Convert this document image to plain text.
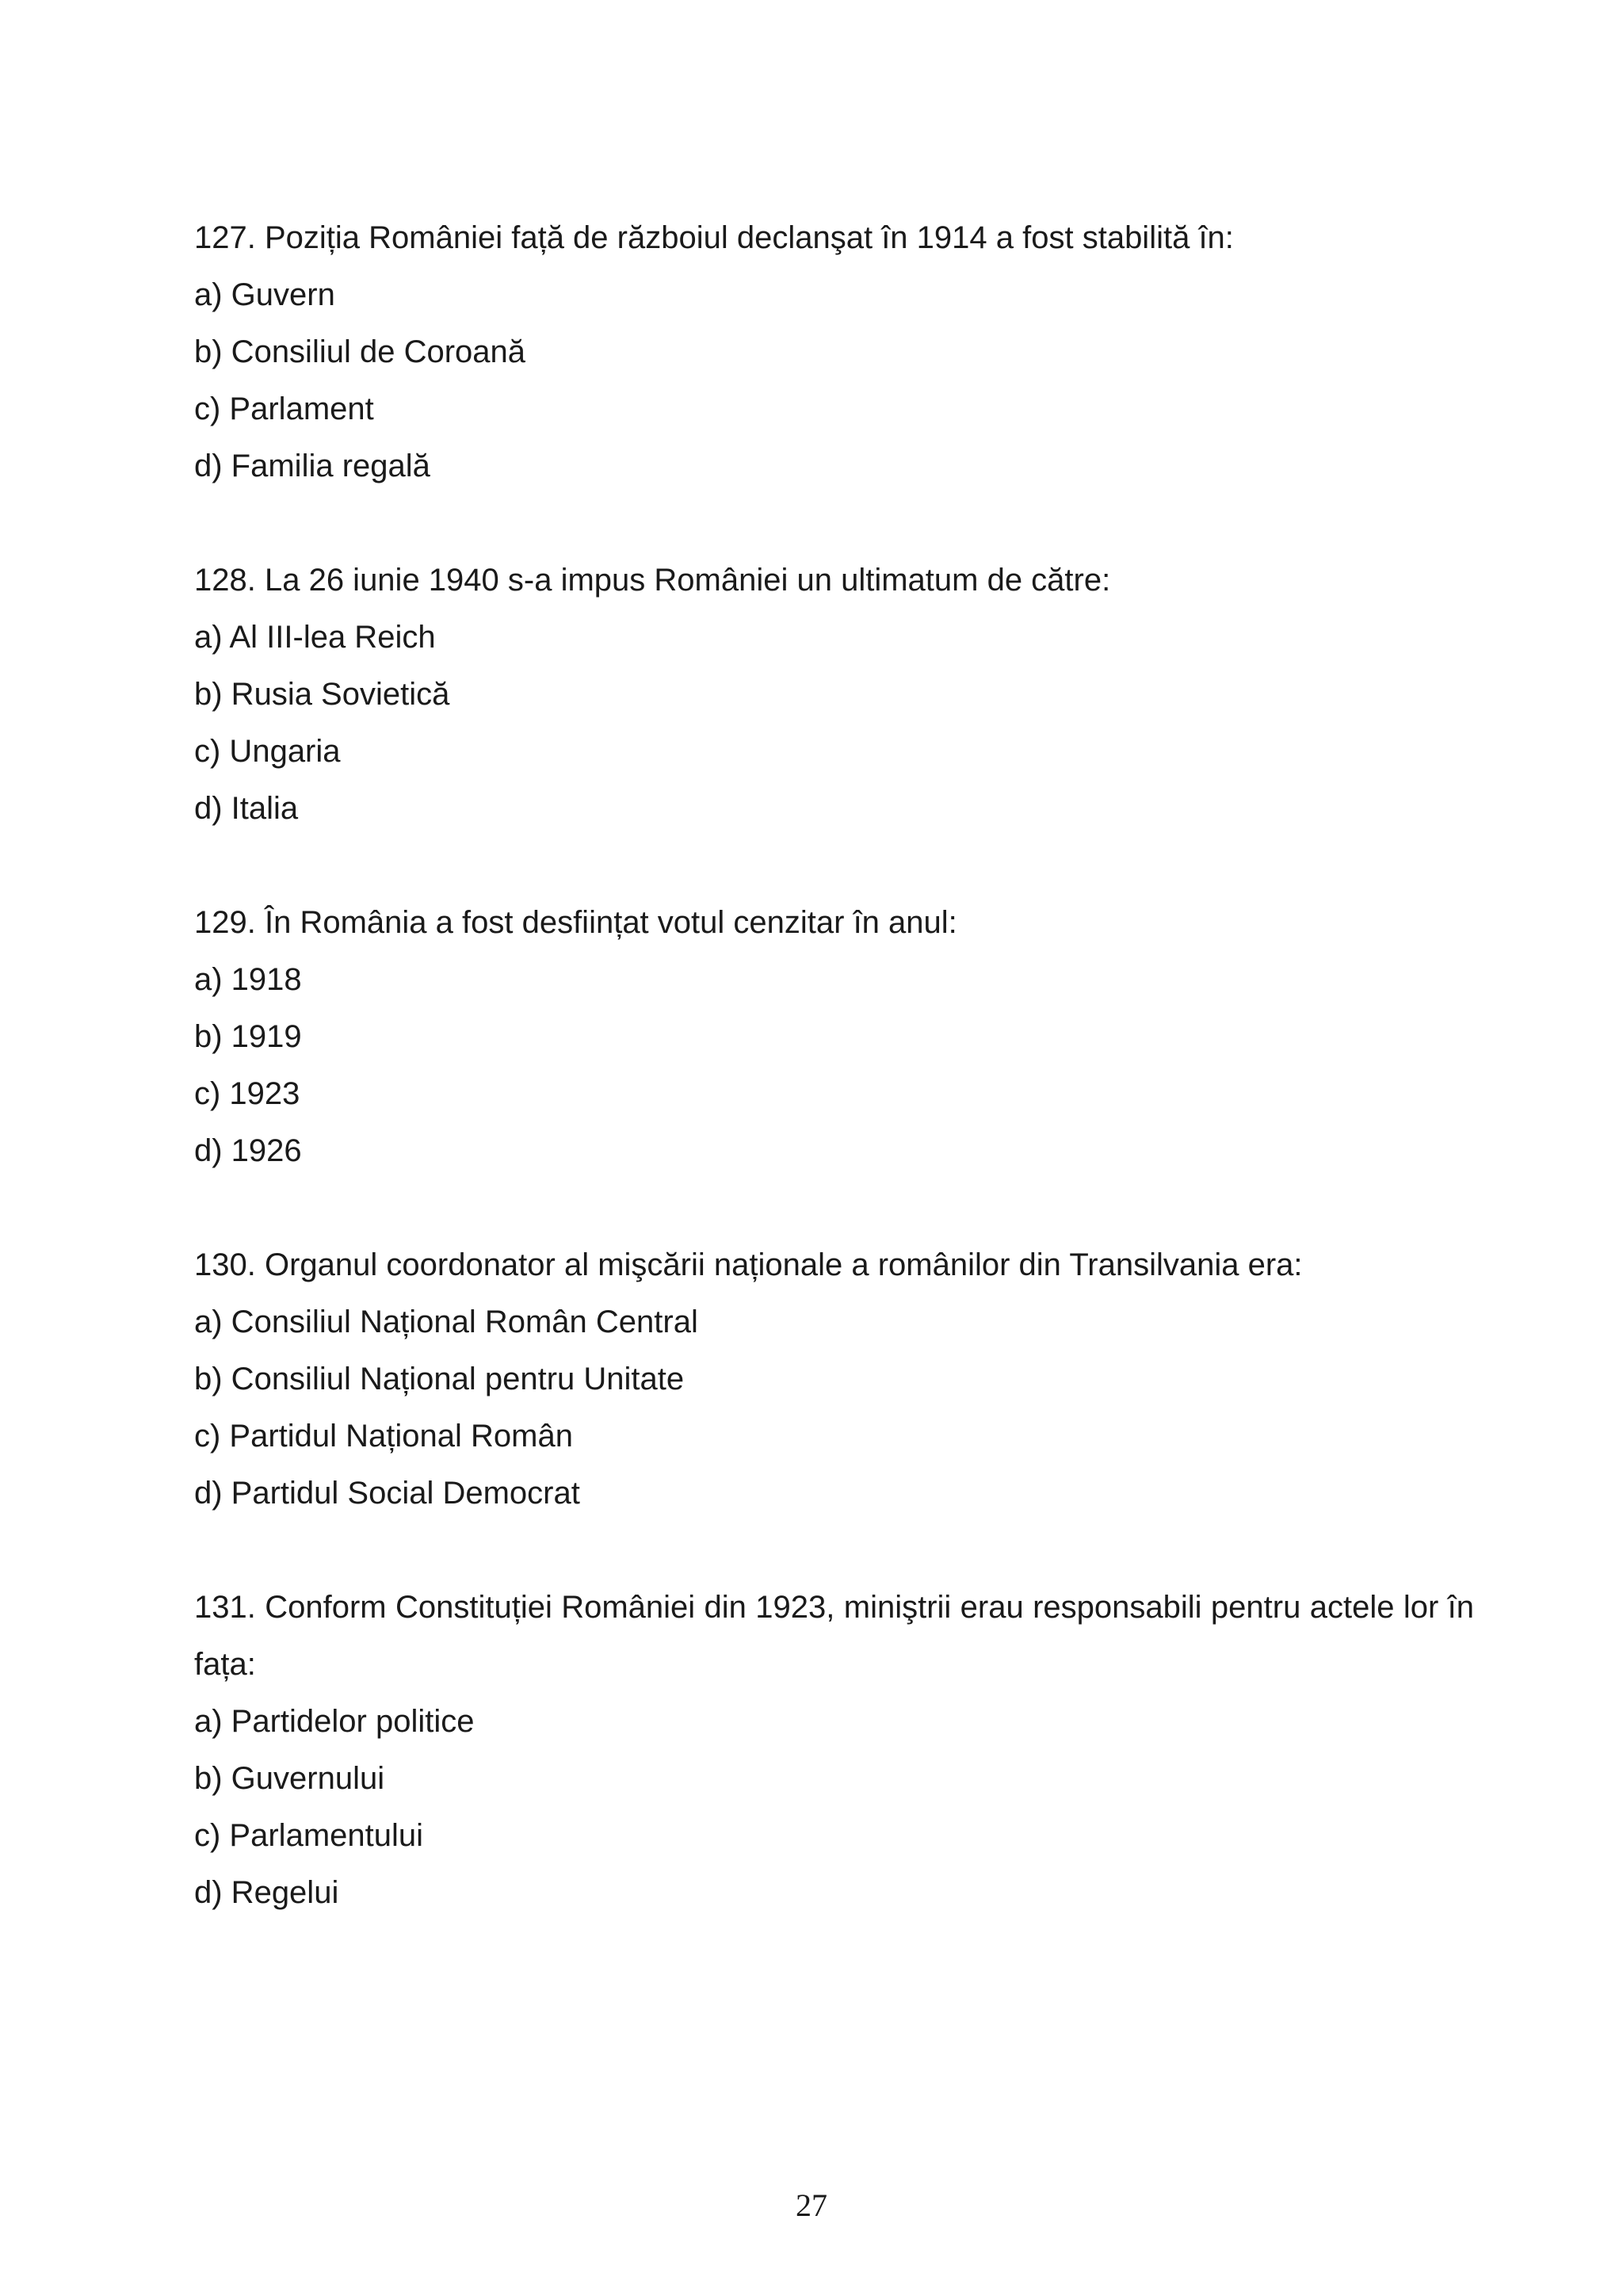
127. Poziția României față de războiul declanşat în 1914 a fost stabilită în:

a) Guvern

b) Consiliul de Coroană

c) Parlament

d) Familia regală

128. La 26 iunie 1940 s-a impus României un ultimatum de către:

a) Al III-lea Reich

b) Rusia Sovietică

c) Ungaria

d) Italia

129. În România a fost desființat votul cenzitar în anul:

a) 1918

b) 1919

c) 1923

d) 1926

130. Organul coordonator al mişcării naționale a românilor din Transilvania era:

a) Consiliul Național Român Central

b) Consiliul Național pentru Unitate

c) Partidul Național Român

d) Partidul Social Democrat

131. Conform Constituției României din 1923, miniştrii erau responsabili pentru actele lor în fața:

a) Partidelor politice

b) Guvernului

c) Parlamentului

d) Regelui

27
